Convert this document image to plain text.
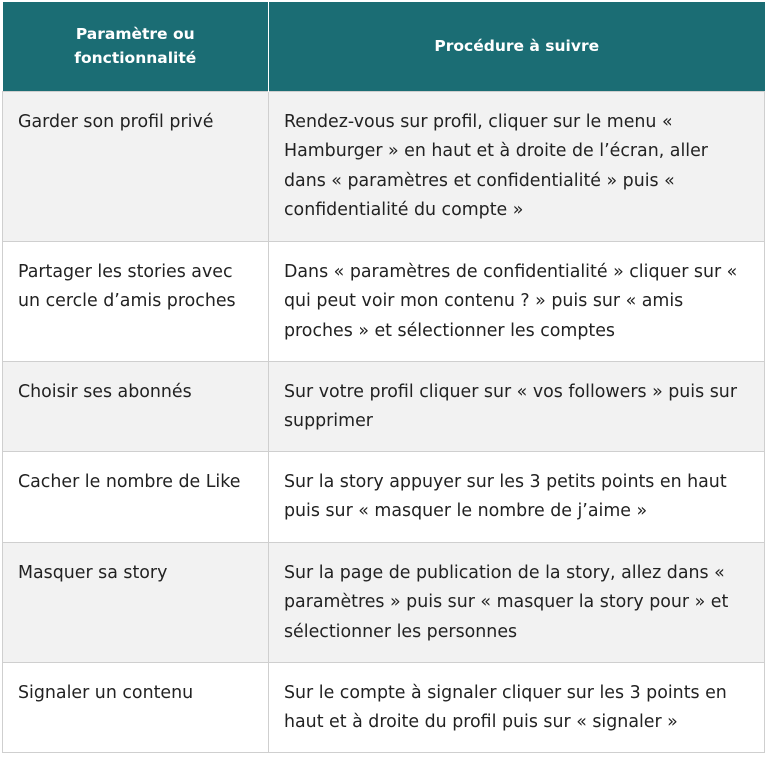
Paramètre ou fonctionnalité	Procédure à suivre
Garder son profil privé	Rendez-vous sur profil, cliquer sur le menu « Hamburger » en haut et à droite de l’écran, aller dans « paramètres et confidentialité » puis « confidentialité du compte »
Partager les stories avec un cercle d’amis proches	Dans « paramètres de confidentialité » cliquer sur « qui peut voir mon contenu ? » puis sur « amis proches » et sélectionner les comptes
Choisir ses abonnés	Sur votre profil cliquer sur « vos followers » puis sur supprimer
Cacher le nombre de Like	Sur la story appuyer sur les 3 petits points en haut puis sur « masquer le nombre de j’aime »
Masquer sa story	Sur la page de publication de la story, allez dans « paramètres » puis sur « masquer la story pour » et sélectionner les personnes
Signaler un contenu	Sur le compte à signaler cliquer sur les 3 points en haut et à droite du profil puis sur « signaler »
